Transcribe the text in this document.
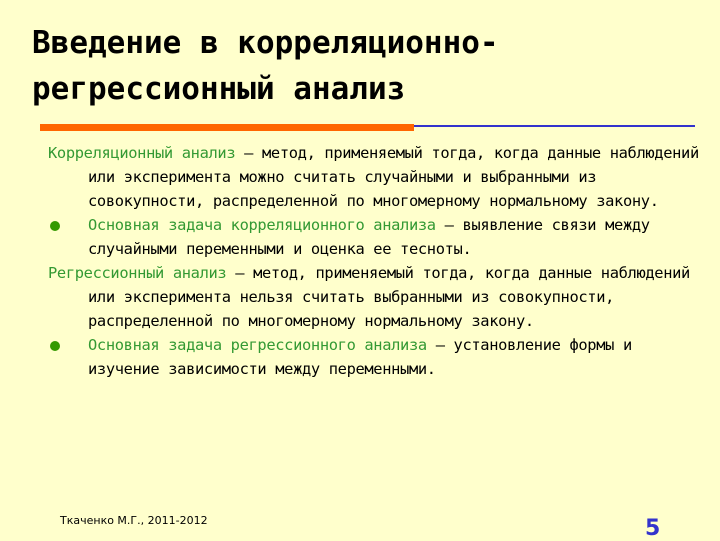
Введение в корреляционно-
регрессионный анализ

Корреляционный анализ – метод, применяемый тогда, когда данные наблюдений или эксперимента можно считать случайными и выбранными из совокупности, распределенной по многомерному нормальному закону.

Основная задача корреляционного анализа – выявление связи между случайными переменными и оценка ее тесноты.

Регрессионный анализ – метод, применяемый тогда, когда данные наблюдений или эксперимента нельзя считать выбранными из совокупности, распределенной по многомерному нормальному закону.

Основная задача регрессионного анализа – установление формы и изучение зависимости между переменными.

Ткаченко М.Г., 2011-2012	5
